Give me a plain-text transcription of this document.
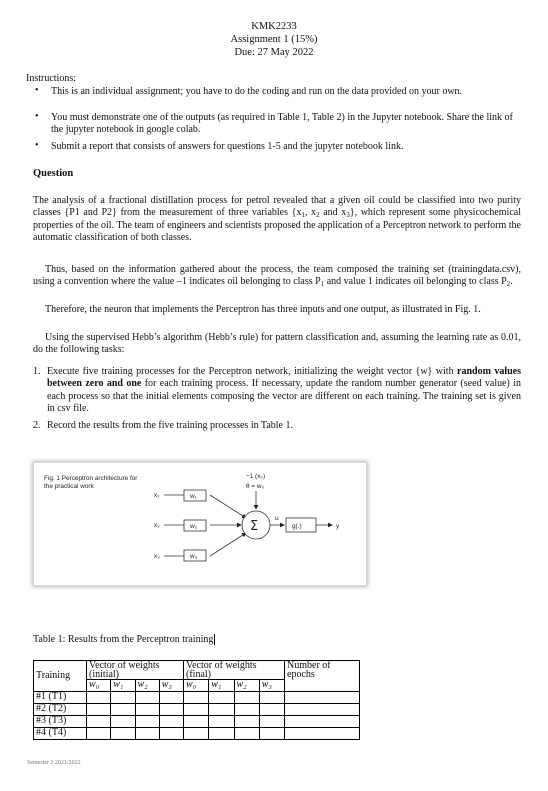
KMK2233
Assignment 1 (15%)
Due: 27 May 2022
Instructions:
• This is an individual assignment; you have to do the coding and run on the data provided on your own.
• You must demonstrate one of the outputs (as required in Table 1, Table 2) in the Jupyter notebook. Share the link of the jupyter notebook in google colab.
• Submit a report that consists of answers for questions 1-5 and the jupyter notebook link.
Question
The analysis of a fractional distillation process for petrol revealed that a given oil could be classified into two purity classes {P1 and P2} from the measurement of three variables {$x_1$, $x_2$ and $x_3$}, which represent some physicochemical properties of the oil. The team of engineers and scientists proposed the application of a Perceptron network to perform the automatic classification of both classes.
Thus, based on the information gathered about the process, the team composed the training set (trainingdata.csv), using a convention where the value –1 indicates oil belonging to class $P_1$ and value 1 indicates oil belonging to class $P_2$.
Therefore, the neuron that implements the Perceptron has three inputs and one output, as illustrated in Fig. 1.
Using the supervised Hebb’s algorithm (Hebb’s rule) for pattern classification and, assuming the learning rate as 0.01, do the following tasks:
1. Execute five training processes for the Perceptron network, initializing the weight vector {w} with random values between zero and one for each training process. If necessary, update the random number generator (seed value) in each process so that the initial elements composing the vector are different on each training. The training set is given in csv file.
2. Record the results from the five training processes in Table 1.
Fig. 1 Perceptron architecture for the practical work
x₁
x₂
x₃
w₁
w₂
w₃
−1 (x₀)
θ = w₀
u
g(.)	y
Σ
Table 1: Results from the Perceptron training
Training	Vector of weights (initial)				Vector of weights (final)				Number of epochs
	w₀	w₁	w₂	w₃	w₀	w₁	w₂	w₃	
#1 (T1)									
#2 (T2)									
#3 (T3)									
#4 (T4)									
Semester 2 2021/2022
